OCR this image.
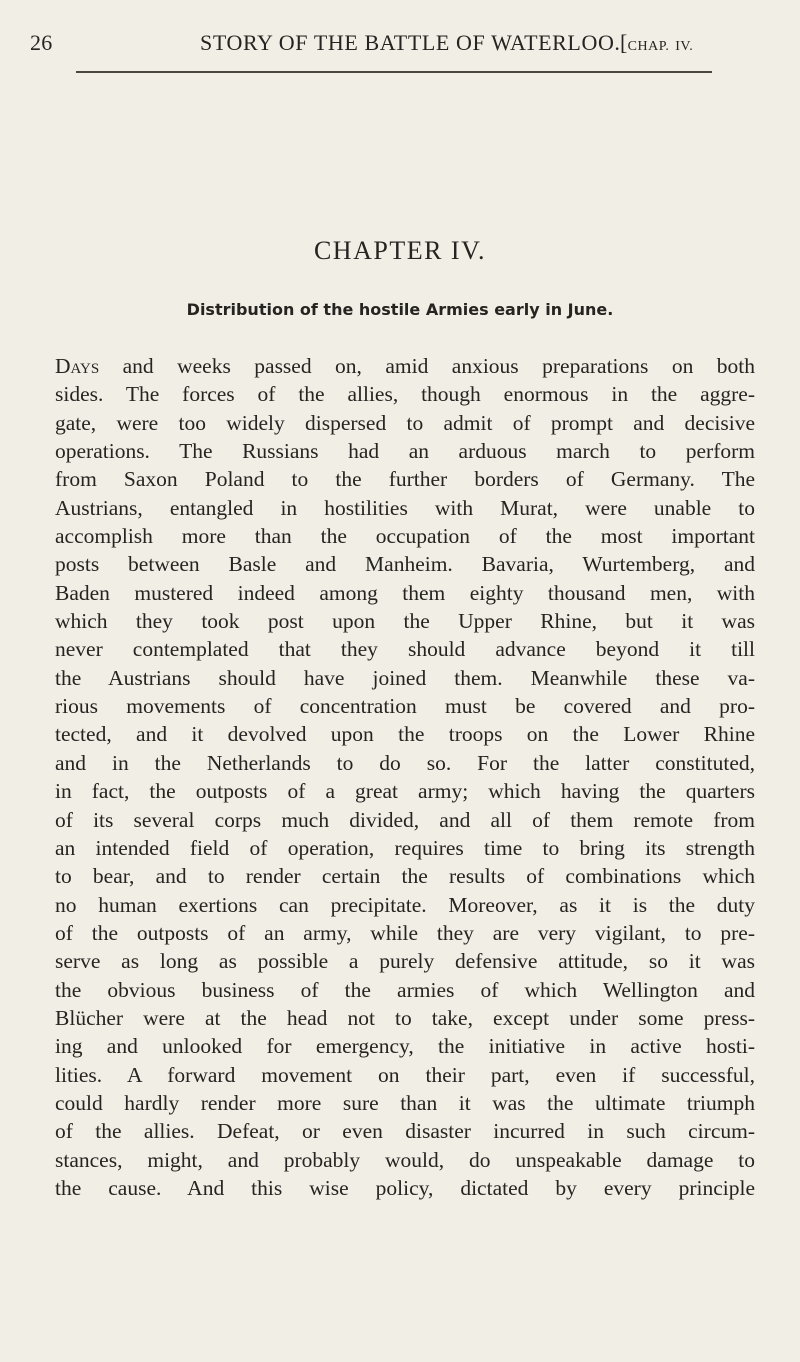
26	STORY OF THE BATTLE OF WATERLOO. [CHAP. IV.
CHAPTER IV.
Distribution of the hostile Armies early in June.
Days and weeks passed on, amid anxious preparations on both
sides. The forces of the allies, though enormous in the aggre-
gate, were too widely dispersed to admit of prompt and decisive
operations. The Russians had an arduous march to perform
from Saxon Poland to the further borders of Germany. The
Austrians, entangled in hostilities with Murat, were unable to
accomplish more than the occupation of the most important
posts between Basle and Manheim. Bavaria, Wurtemberg, and
Baden mustered indeed among them eighty thousand men, with
which they took post upon the Upper Rhine, but it was
never contemplated that they should advance beyond it till
the Austrians should have joined them. Meanwhile these va-
rious movements of concentration must be covered and pro-
tected, and it devolved upon the troops on the Lower Rhine
and in the Netherlands to do so. For the latter constituted,
in fact, the outposts of a great army; which having the quarters
of its several corps much divided, and all of them remote from
an intended field of operation, requires time to bring its strength
to bear, and to render certain the results of combinations which
no human exertions can precipitate. Moreover, as it is the duty
of the outposts of an army, while they are very vigilant, to pre-
serve as long as possible a purely defensive attitude, so it was
the obvious business of the armies of which Wellington and
Blücher were at the head not to take, except under some press-
ing and unlooked for emergency, the initiative in active hosti-
lities. A forward movement on their part, even if successful,
could hardly render more sure than it was the ultimate triumph
of the allies. Defeat, or even disaster incurred in such circum-
stances, might, and probably would, do unspeakable damage to
the cause. And this wise policy, dictated by every principle
